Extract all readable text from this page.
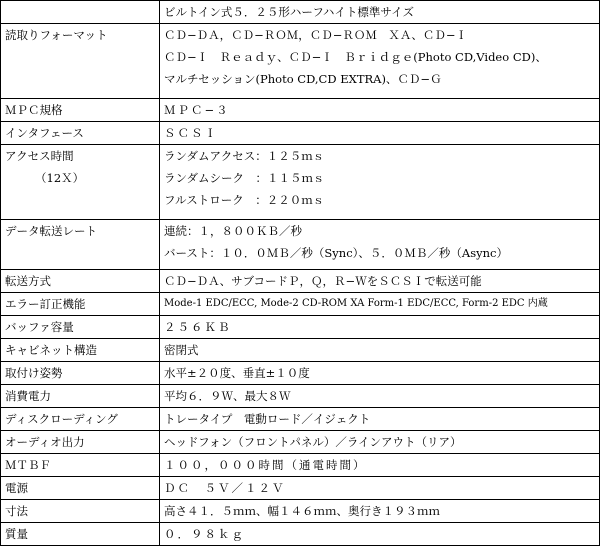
	ビルトイン式５．２５形ハーフハイト標準サイズ

読取りフォーマット	ＣＤ−ＤＡ，ＣＤ−ＲＯＭ，ＣＤ−ＲＯＭ　ＸＡ、ＣＤ−Ｉ
ＣＤ−Ｉ　Ｒｅａｄｙ、ＣＤ−Ｉ　Ｂｒｉｄｇｅ(Photo CD,Video CD)、
マルチセッション(Photo CD,CD EXTRA)、ＣＤ−Ｇ

ＭＰＣ規格	ＭＰＣ−３

インタフェース	ＳＣＳＩ

アクセス時間
（12Ｘ）	ランダムアクセス：１２５ｍｓ
ランダムシーク　：１１５ｍｓ
フルストローク　：２２０ｍｓ

データ転送レート	連続：１，８００ＫＢ／秒
バースト：１０．０ＭＢ／秒（Sync）、５．０ＭＢ／秒（Async）

転送方式	ＣＤ−ＤＡ、サブコードＰ，Ｑ，Ｒ−ＷをＳＣＳＩで転送可能

エラー訂正機能	Mode-1 EDC/ECC, Mode-2 CD-ROM XA Form-1 EDC/ECC, Form-2 EDC 内蔵

バッファ容量	２５６ＫＢ

キャビネット構造	密閉式

取付け姿勢	水平±２０度、垂直±１０度

消費電力	平均６．９Ｗ、最大８Ｗ

ディスクローディング	トレータイプ　電動ロード／イジェクト

オーディオ出力	ヘッドフォン（フロントパネル）／ラインアウト（リア）

ＭＴＢＦ	１００，０００時間（通電時間）

電源	ＤＣ　５Ｖ／１２Ｖ

寸法	高さ４１．５ｍｍ、幅１４６ｍｍ、奥行き１９３ｍｍ

質量	０．９８ｋｇ
